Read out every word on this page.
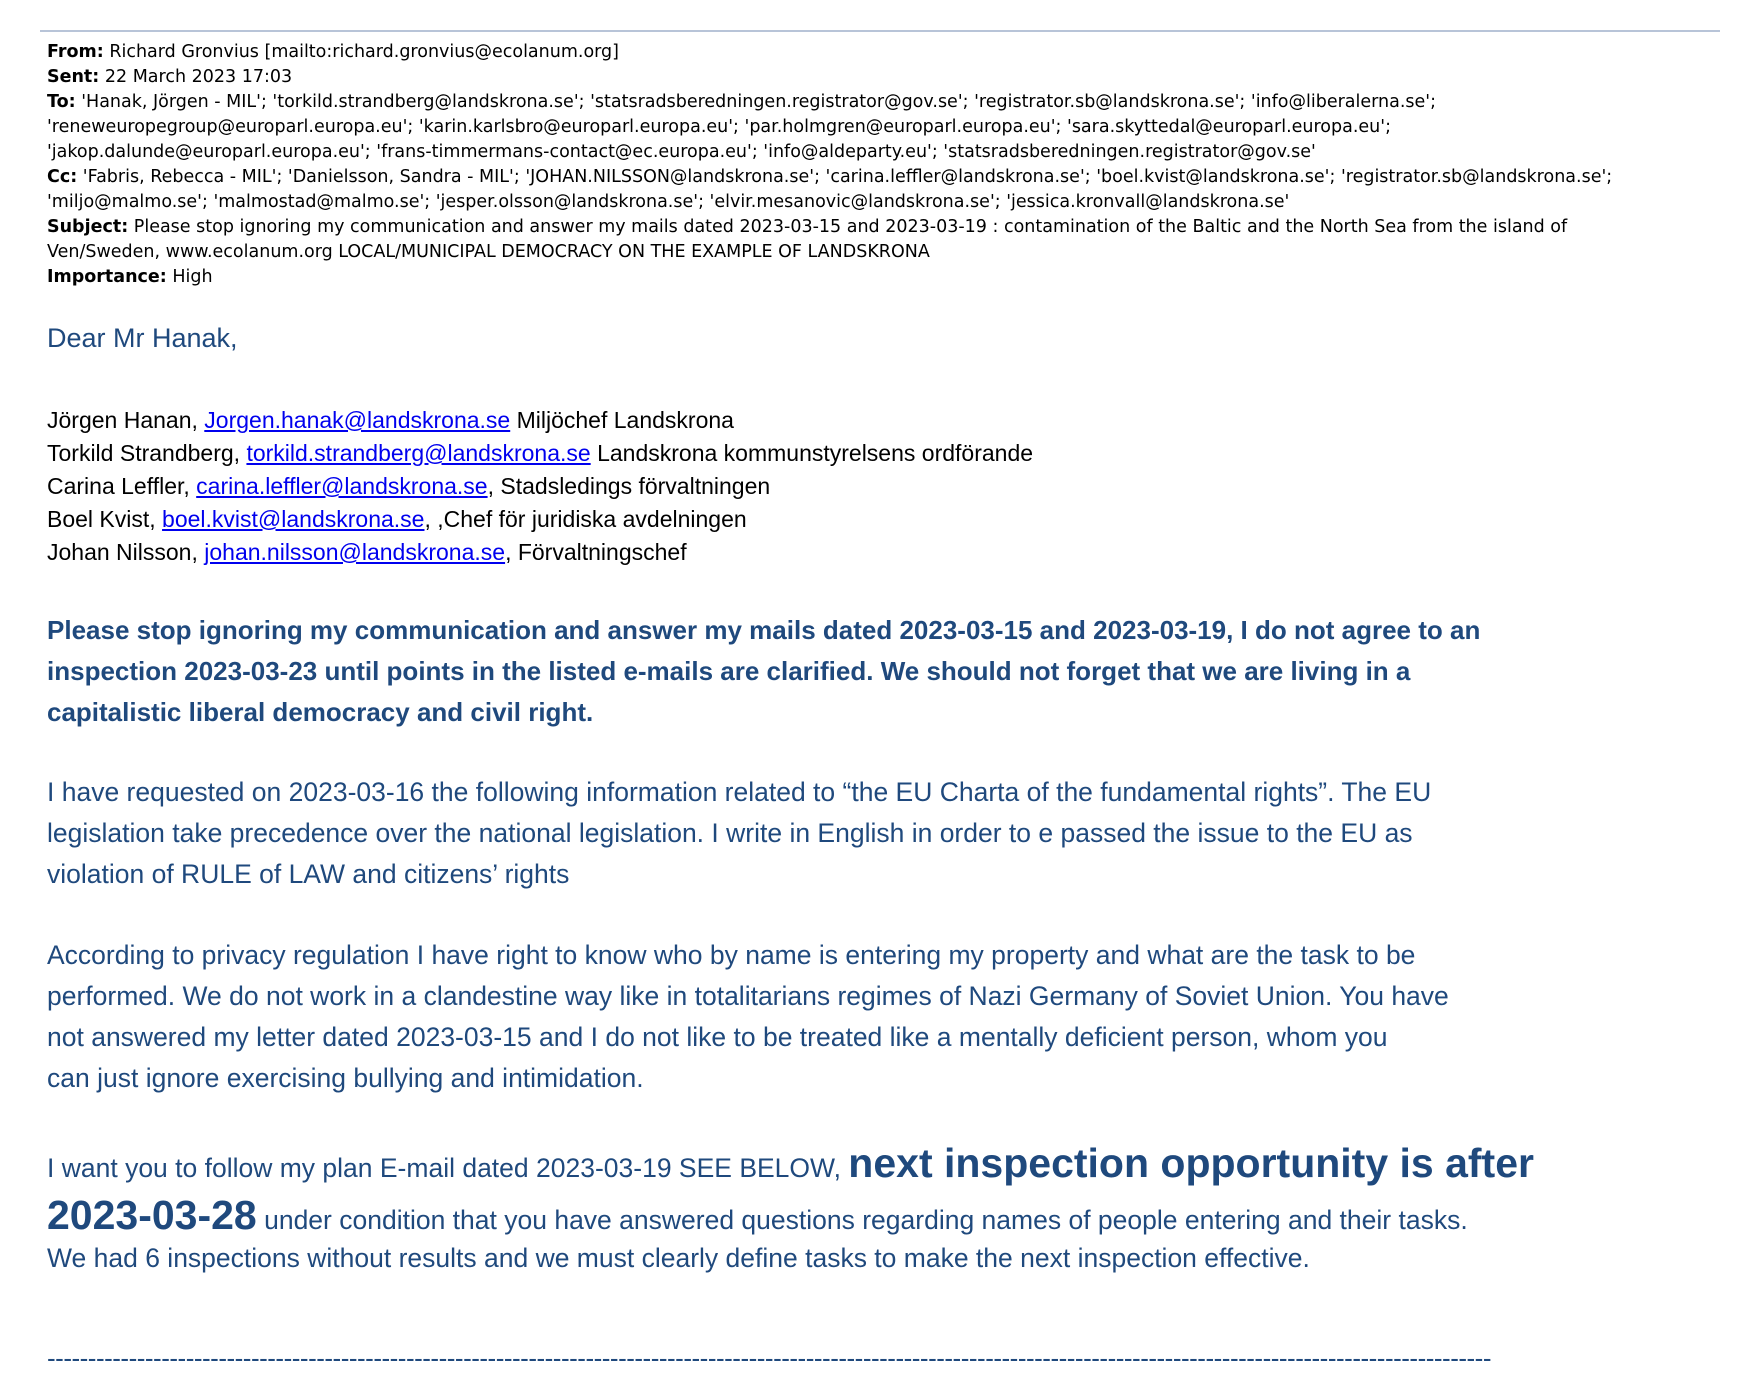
From: Richard Gronvius [mailto:richard.gronvius@ecolanum.org]
Sent: 22 March 2023 17:03
To: 'Hanak, Jörgen - MIL'; 'torkild.strandberg@landskrona.se'; 'statsradsberedningen.registrator@gov.se'; 'registrator.sb@landskrona.se'; 'info@liberalerna.se';
'reneweuropegroup@europarl.europa.eu'; 'karin.karlsbro@europarl.europa.eu'; 'par.holmgren@europarl.europa.eu'; 'sara.skyttedal@europarl.europa.eu';
'jakop.dalunde@europarl.europa.eu'; 'frans-timmermans-contact@ec.europa.eu'; 'info@aldeparty.eu'; 'statsradsberedningen.registrator@gov.se'
Cc: 'Fabris, Rebecca - MIL'; 'Danielsson, Sandra - MIL'; 'JOHAN.NILSSON@landskrona.se'; 'carina.leffler@landskrona.se'; 'boel.kvist@landskrona.se'; 'registrator.sb@landskrona.se';
'miljo@malmo.se'; 'malmostad@malmo.se'; 'jesper.olsson@landskrona.se'; 'elvir.mesanovic@landskrona.se'; 'jessica.kronvall@landskrona.se'
Subject: Please stop ignoring my communication and answer my mails dated 2023-03-15 and 2023-03-19 : contamination of the Baltic and the North Sea from the island of
Ven/Sweden, www.ecolanum.org LOCAL/MUNICIPAL DEMOCRACY ON THE EXAMPLE OF LANDSKRONA
Importance: High
Dear Mr Hanak,
Jörgen Hanan, Jorgen.hanak@landskrona.se Miljöchef Landskrona
Torkild Strandberg, torkild.strandberg@landskrona.se Landskrona kommunstyrelsens ordförande
Carina Leffler, carina.leffler@landskrona.se, Stadsledings förvaltningen
Boel Kvist, boel.kvist@landskrona.se, ,Chef för juridiska avdelningen
Johan Nilsson, johan.nilsson@landskrona.se, Förvaltningschef
Please stop ignoring my communication and answer my mails dated 2023-03-15 and 2023-03-19, I do not agree to an
inspection 2023-03-23 until points in the listed e-mails are clarified. We should not forget that we are living in a
capitalistic liberal democracy and civil right.
I have requested on 2023-03-16 the following information related to “the EU Charta of the fundamental rights”. The EU
legislation take precedence over the national legislation. I write in English in order to e passed the issue to the EU as
violation of RULE of LAW and citizens’ rights
According to privacy regulation I have right to know who by name is entering my property and what are the task to be
performed. We do not work in a clandestine way like in totalitarians regimes of Nazi Germany of Soviet Union. You have
not answered my letter dated 2023-03-15 and I do not like to be treated like a mentally deficient person, whom you
can just ignore exercising bullying and intimidation.
I want you to follow my plan E-mail dated 2023-03-19 SEE BELOW, next inspection opportunity is after
2023-03-28 under condition that you have answered questions regarding names of people entering and their tasks.
We had 6 inspections without results and we must clearly define tasks to make the next inspection effective.
---------------------------------------------------------------------------------------------------------------------------------------------------------------------------------
